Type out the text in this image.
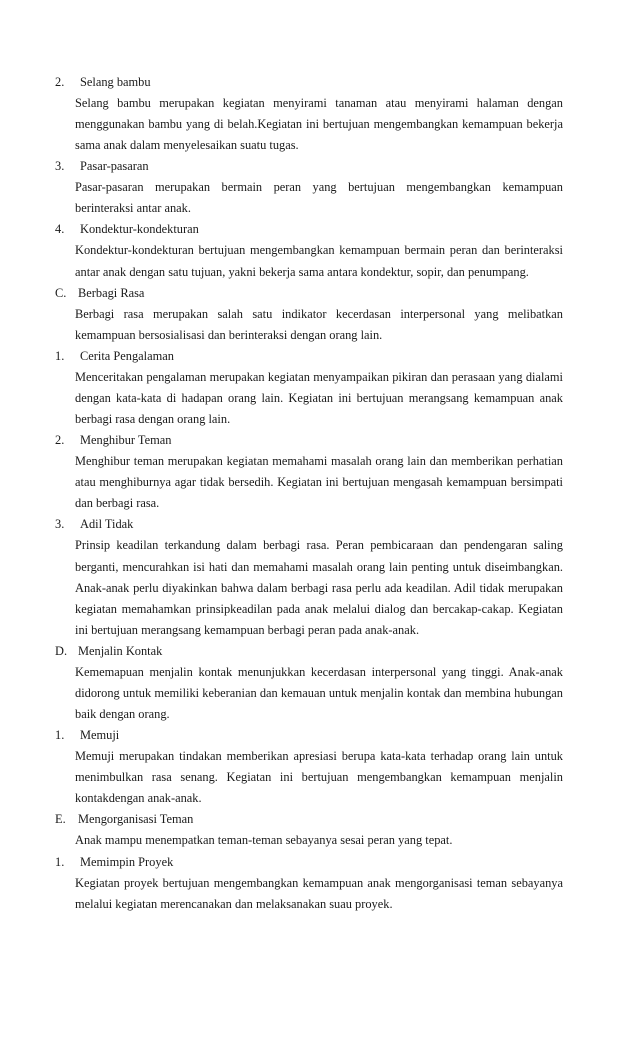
2.	Selang bambu

Selang bambu merupakan kegiatan menyirami tanaman atau menyirami halaman dengan menggunakan bambu yang di belah.Kegiatan ini bertujuan mengembangkan kemampuan bekerja sama anak dalam menyelesaikan suatu tugas.

3.	Pasar-pasaran

Pasar-pasaran merupakan bermain peran yang bertujuan mengembangkan kemampuan berinteraksi antar anak.

4.	Kondektur-kondekturan

Kondektur-kondekturan bertujuan mengembangkan kemampuan bermain peran dan berinteraksi antar anak dengan satu tujuan, yakni bekerja sama antara kondektur, sopir, dan penumpang.

C. Berbagi Rasa

Berbagi rasa merupakan salah satu indikator kecerdasan interpersonal yang melibatkan kemampuan bersosialisasi dan berinteraksi dengan orang lain.

1.	Cerita Pengalaman

Menceritakan pengalaman merupakan kegiatan menyampaikan pikiran dan perasaan yang dialami dengan kata-kata di hadapan orang lain. Kegiatan ini bertujuan merangsang kemampuan anak berbagi rasa dengan orang lain.

2.	Menghibur Teman

Menghibur teman merupakan kegiatan memahami masalah orang lain dan memberikan perhatian atau menghiburnya agar tidak bersedih. Kegiatan ini bertujuan mengasah kemampuan bersimpati dan berbagi rasa.

3.	Adil Tidak

Prinsip keadilan terkandung dalam berbagi rasa. Peran pembicaraan dan pendengaran saling berganti, mencurahkan isi hati dan memahami masalah orang lain penting untuk diseimbangkan. Anak-anak perlu diyakinkan bahwa dalam berbagi rasa perlu ada keadilan. Adil tidak merupakan kegiatan memahamkan prinsipkeadilan pada anak melalui dialog dan bercakap-cakap. Kegiatan ini bertujuan merangsang kemampuan berbagi peran pada anak-anak.

D. Menjalin Kontak

Kememapuan menjalin kontak menunjukkan kecerdasan interpersonal yang tinggi. Anak-anak didorong untuk memiliki keberanian dan kemauan untuk menjalin kontak dan membina hubungan baik dengan orang.

1.	Memuji

Memuji merupakan tindakan memberikan apresiasi berupa kata-kata terhadap orang lain untuk menimbulkan rasa senang. Kegiatan ini bertujuan mengembangkan kemampuan menjalin kontakdengan anak-anak.

E. Mengorganisasi Teman

Anak mampu menempatkan teman-teman sebayanya sesai peran yang tepat.

1.	Memimpin Proyek

Kegiatan proyek bertujuan mengembangkan kemampuan anak mengorganisasi teman sebayanya melalui kegiatan merencanakan dan melaksanakan suau proyek.
